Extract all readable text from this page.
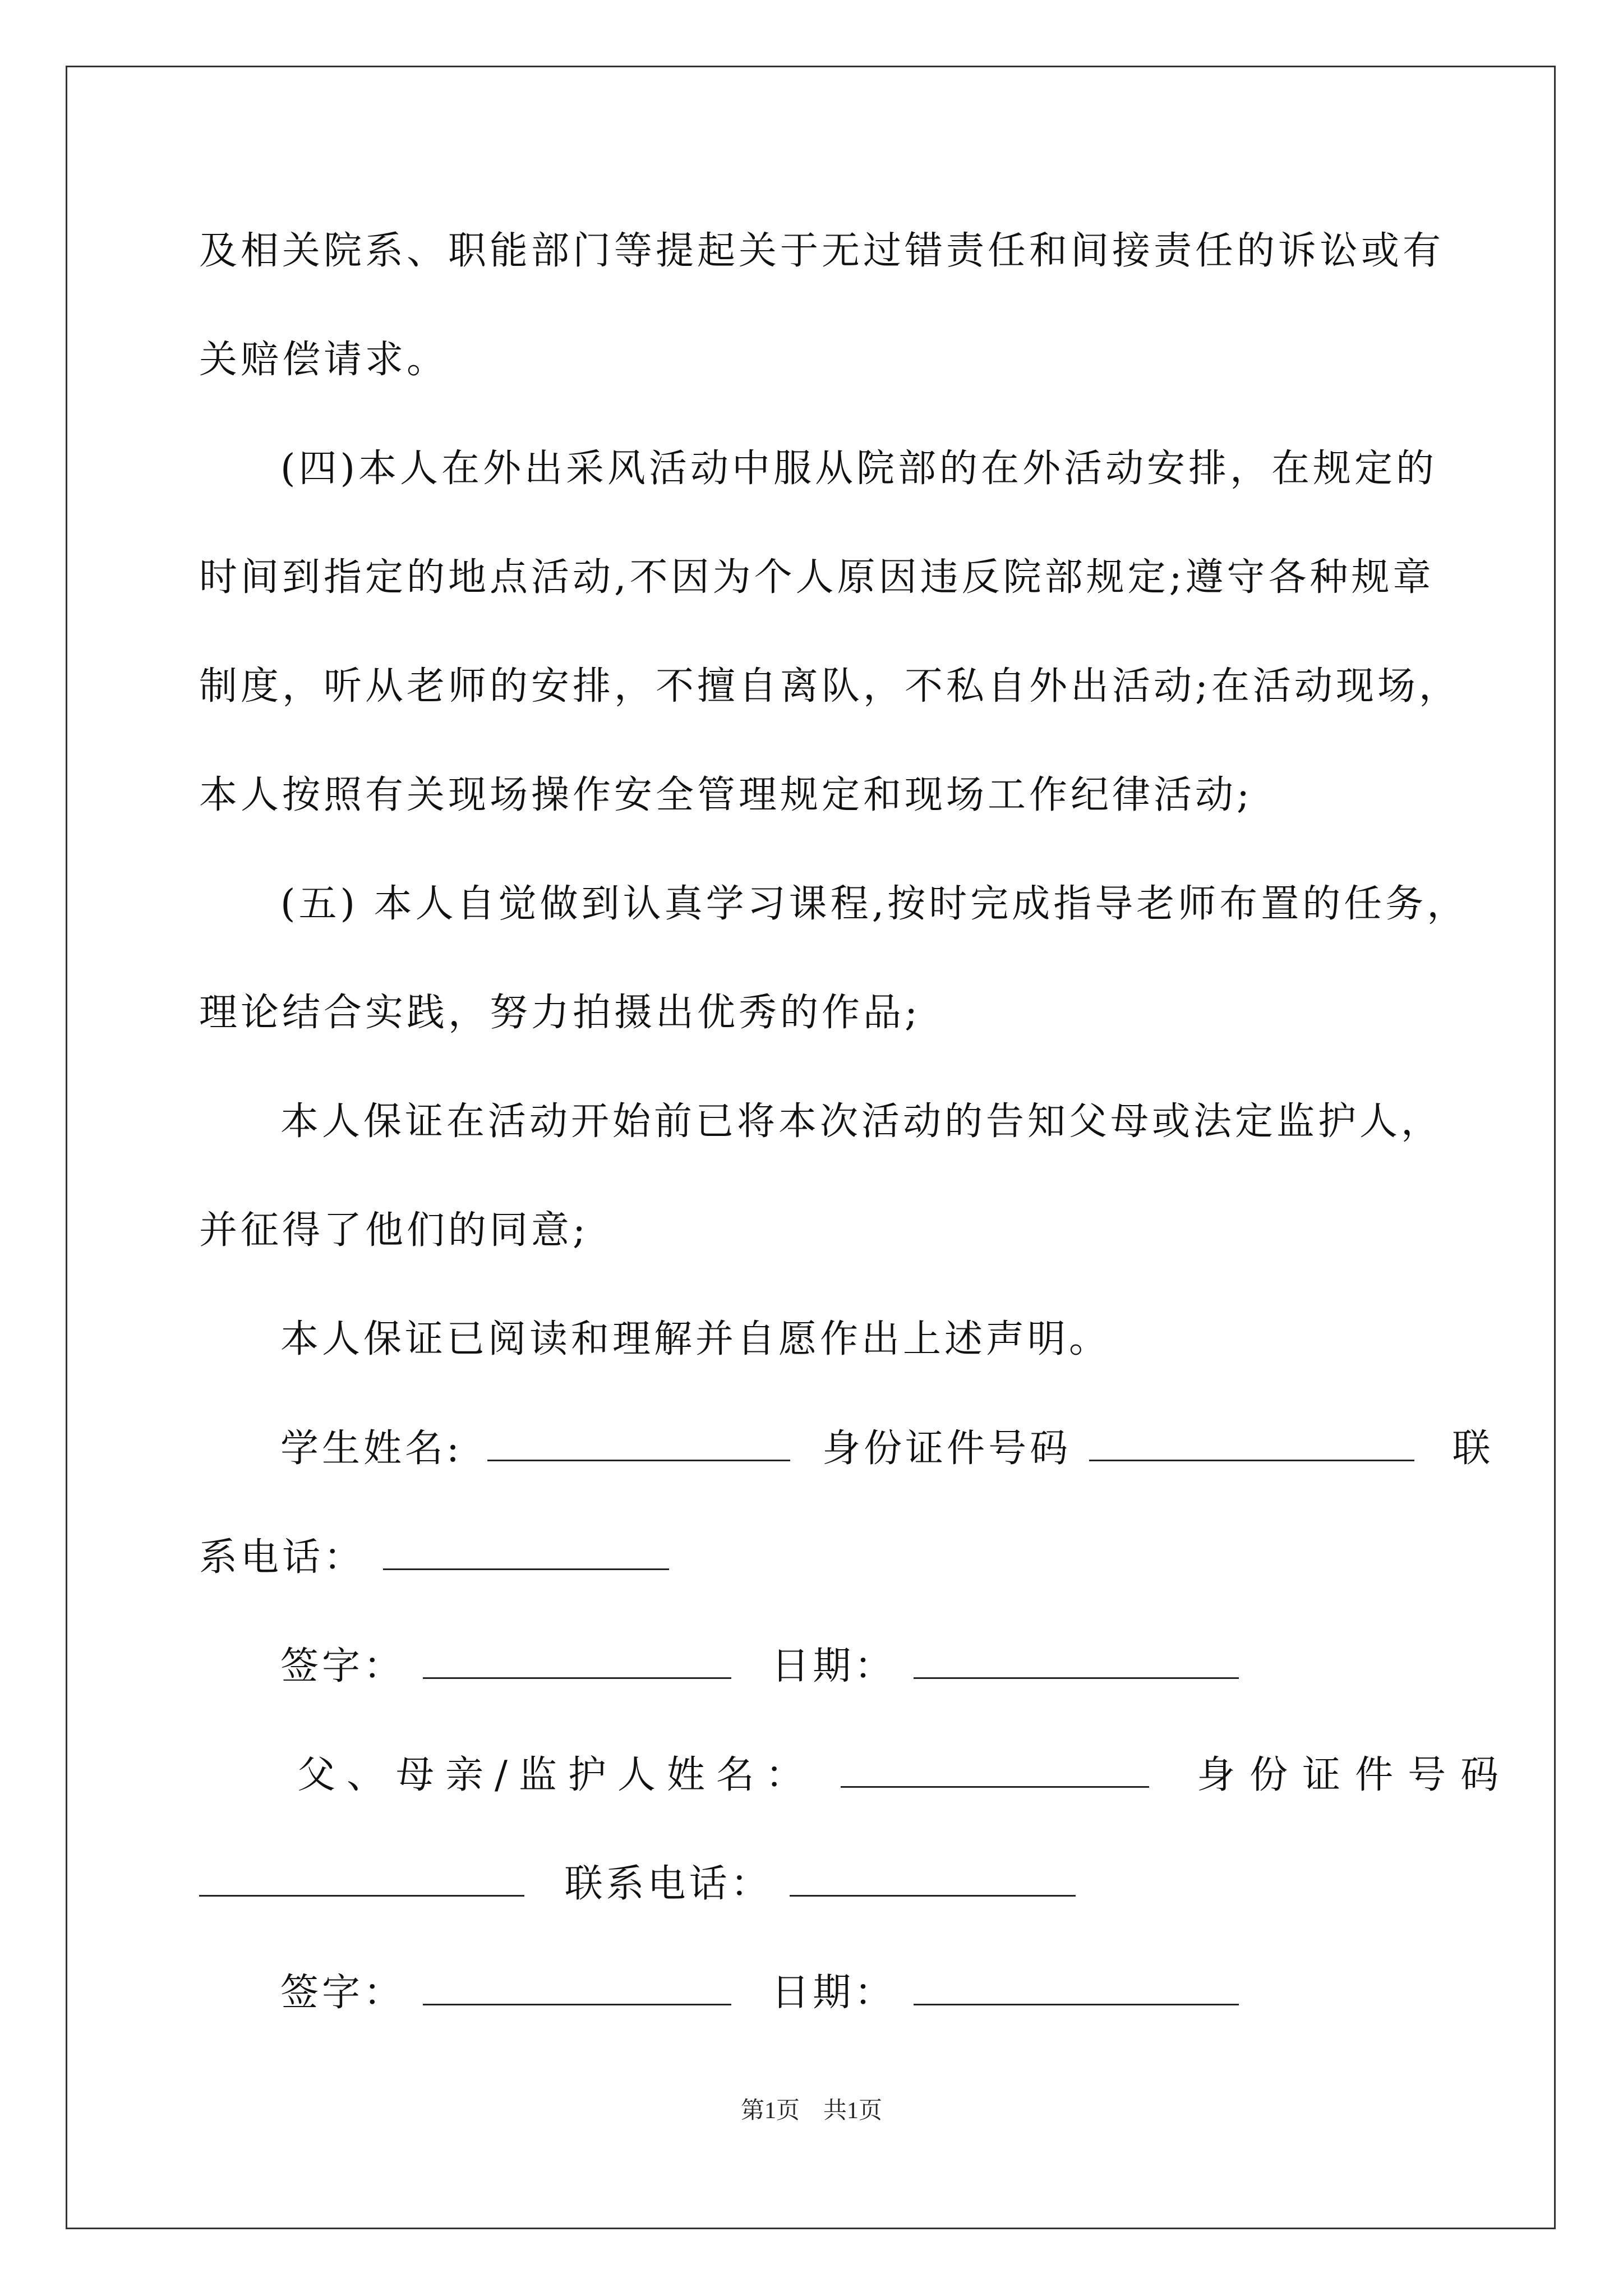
及相关院系、职能部门等提起关于无过错责任和间接责任的诉讼或有
关赔偿请求。
(四)本人在外出采风活动中服从院部的在外活动安排，在规定的
时间到指定的地点活动,不因为个人原因违反院部规定;遵守各种规章
制度，听从老师的安排，不擅自离队，不私自外出活动;在活动现场，
本人按照有关现场操作安全管理规定和现场工作纪律活动;
(五) 本人自觉做到认真学习课程,按时完成指导老师布置的任务，
理论结合实践，努力拍摄出优秀的作品;
本人保证在活动开始前已将本次活动的告知父母或法定监护人，
并征得了他们的同意;
本人保证已阅读和理解并自愿作出上述声明。
学生姓名:	身份证件号码	联
系电话：
签字：	日期：
父、母亲/监护人姓名：	身份证件号码
联系电话：
签字：	日期：
第1页　共1页
